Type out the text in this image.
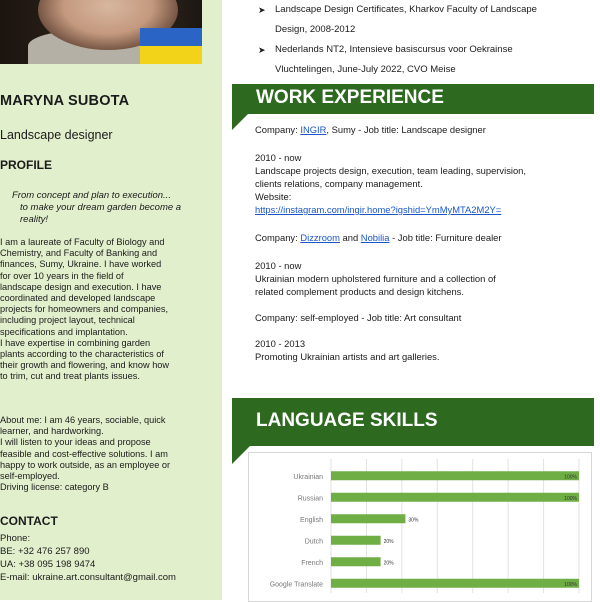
MARYNA SUBOTA
Landscape designer
PROFILE
From concept and plan to execution...
to make your dream garden become a
reality!
I am a laureate of Faculty of Biology and
Chemistry, and Faculty of Banking and
finances, Sumy, Ukraine. I have worked
for over 10 years in the field of
landscape design and execution. I have
coordinated and developed landscape
projects for homeowners and companies,
including project layout, technical
specifications and implantation.
I have expertise in combining garden
plants according to the characteristics of
their growth and flowering, and know how
to trim, cut and treat plants issues.
About me: I am 46 years, sociable, quick
learner, and hardworking.
I will listen to your ideas and propose
feasible and cost-effective solutions. I am
happy to work outside, as an employee or
self-employed.
Driving license: category B
CONTACT
Phone:
BE: +32 476 257 890
UA: +38 095 198 9474
E-mail: ukraine.art.consultant@gmail.com
➤ Landscape Design Certificates, Kharkov Faculty of Landscape
Design, 2008-2012
➤ Nederlands NT2, Intensieve basiscursus voor Oekrainse
Vluchtelingen, June-July 2022, CVO Meise
WORK EXPERIENCE
Company: INGIR, Sumy - Job title: Landscape designer
2010 - now
Landscape projects design, execution, team leading, supervision,
clients relations, company management.
Website:
https://instagram.com/ingir.home?igshid=YmMyMTA2M2Y=
Company: Dizzroom and Nobilia - Job title: Furniture dealer
2010 - now
Ukrainian modern upholstered furniture and a collection of
related complement products and design kitchens.
Company: self-employed - Job title: Art consultant
2010 - 2013
Promoting Ukrainian artists and art galleries.
LANGUAGE SKILLS
Ukrainian	100%
Russian	100%
English	30%
Dutch	20%
French	20%
Google Translate	100%
